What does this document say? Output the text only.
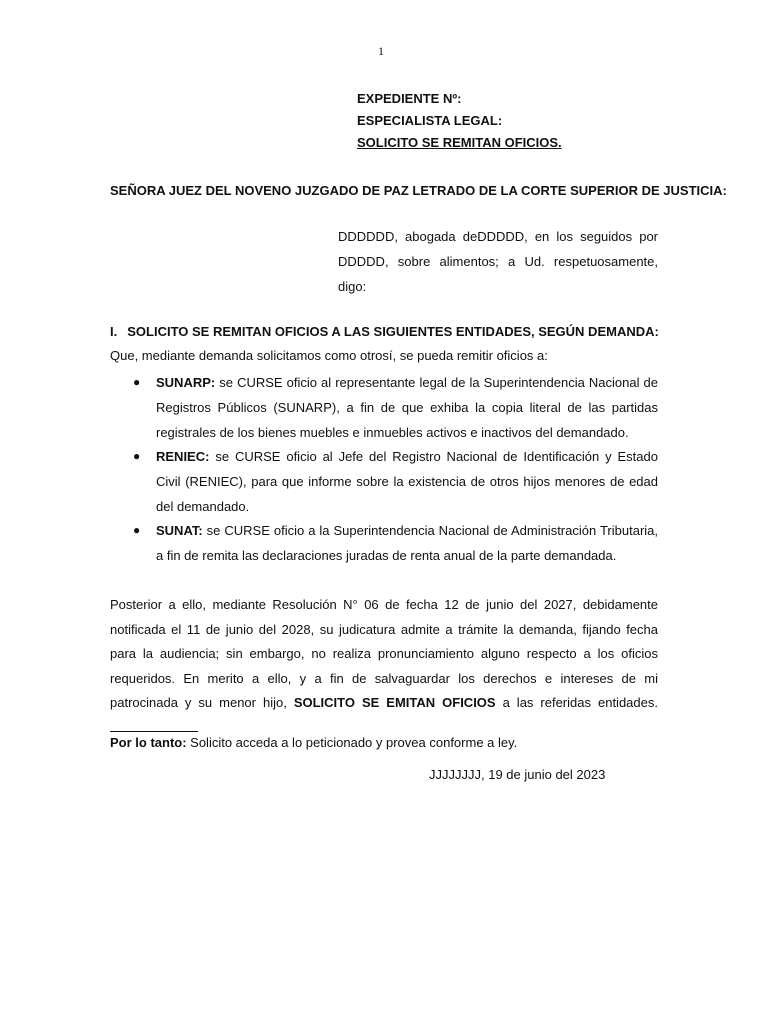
1
EXPEDIENTE Nº:
ESPECIALISTA LEGAL:
SOLICITO SE REMITAN OFICIOS.
SEÑORA JUEZ DEL NOVENO JUZGADO DE PAZ LETRADO DE LA CORTE SUPERIOR DE JUSTICIA:
DDDDDD, abogada deDDDDD, en los seguidos por DDDDD, sobre alimentos; a Ud. respetuosamente, digo:
I. SOLICITO SE REMITAN OFICIOS A LAS SIGUIENTES ENTIDADES, SEGÚN DEMANDA:
Que, mediante demanda solicitamos como otrosí, se pueda remitir oficios a:
● SUNARP: se CURSE oficio al representante legal de la Superintendencia Nacional de Registros Públicos (SUNARP), a fin de que exhiba la copia literal de las partidas registrales de los bienes muebles e inmuebles activos e inactivos del demandado.
● RENIEC: se CURSE oficio al Jefe del Registro Nacional de Identificación y Estado Civil (RENIEC), para que informe sobre la existencia de otros hijos menores de edad del demandado.
● SUNAT: se CURSE oficio a la Superintendencia Nacional de Administración Tributaria, a fin de remita las declaraciones juradas de renta anual de la parte demandada.
Posterior a ello, mediante Resolución N° 06 de fecha 12 de junio del 2027, debidamente notificada el 11 de junio del 2028, su judicatura admite a trámite la demanda, fijando fecha para la audiencia; sin embargo, no realiza pronunciamiento alguno respecto a los oficios requeridos. En merito a ello, y a fin de salvaguardar los derechos e intereses de mi patrocinada y su menor hijo, SOLICITO SE EMITAN OFICIOS a las referidas entidades.
Por lo tanto: Solicito acceda a lo peticionado y provea conforme a ley.
JJJJJJJJ, 19 de junio del 2023
